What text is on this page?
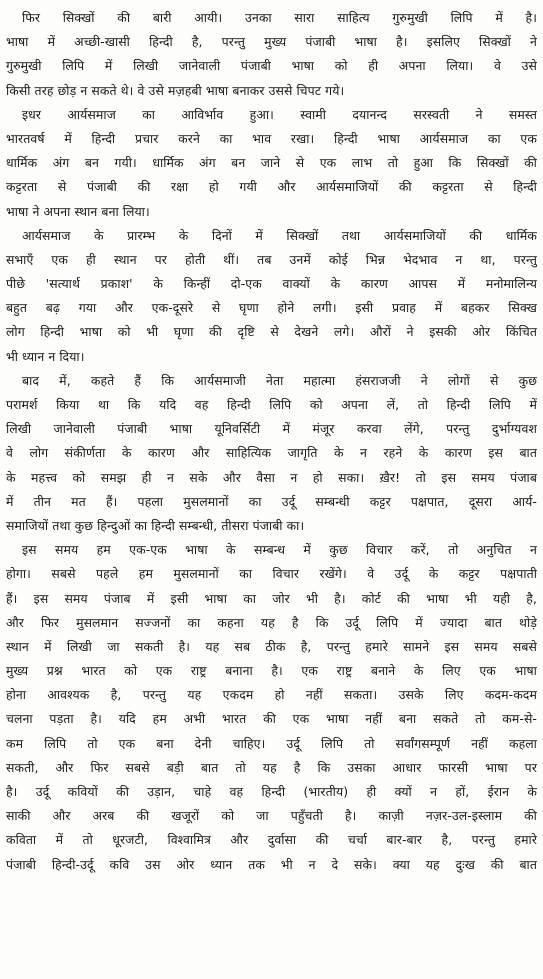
फिर सिक्खों की बारी आयी। उनका सारा साहित्य गुरुमुखी लिपि में है।
भाषा में अच्छी-खासी हिन्दी है, परन्तु मुख्य पंजाबी भाषा है। इसलिए सिक्खों ने
गुरुमुखी लिपि में लिखी जानेवाली पंजाबी भाषा को ही अपना लिया। वे उसे
किसी तरह छोड़ न सकते थे। वे उसे मज़हबी भाषा बनाकर उससे चिपट गये।
इधर आर्यसमाज का आविर्भाव हुआ। स्वामी दयानन्द सरस्वती ने समस्त
भारतवर्ष में हिन्दी प्रचार करने का भाव रखा। हिन्दी भाषा आर्यसमाज का एक
धार्मिक अंग बन गयी। धार्मिक अंग बन जाने से एक लाभ तो हुआ कि सिक्खों की
कट्टरता से पंजाबी की रक्षा हो गयी और आर्यसमाजियों की कट्टरता से हिन्दी
भाषा ने अपना स्थान बना लिया।
आर्यसमाज के प्रारम्भ के दिनों में सिक्खों तथा आर्यसमाजियों की धार्मिक
सभाएँ एक ही स्थान पर होती थीं। तब उनमें कोई भिन्न भेदभाव न था, परन्तु
पीछे 'सत्यार्थ प्रकाश' के किन्हीं दो-एक वाक्यों के कारण आपस में मनोमालिन्य
बहुत बढ़ गया और एक-दूसरे से घृणा होने लगी। इसी प्रवाह में बहकर सिक्ख
लोग हिन्दी भाषा को भी घृणा की दृष्टि से देखने लगे। औरों ने इसकी ओर किंचित
भी ध्यान न दिया।
बाद में, कहते हैं कि आर्यसमाजी नेता महात्मा हंसराजजी ने लोगों से कुछ
परामर्श किया था कि यदि वह हिन्दी लिपि को अपना लें, तो हिन्दी लिपि में
लिखी जानेवाली पंजाबी भाषा यूनिवर्सिटी में मंजूर करवा लेंगे, परन्तु दुर्भाग्यवश
वे लोग संकीर्णता के कारण और साहित्यिक जागृति के न रहने के कारण इस बात
के महत्त्व को समझ ही न सके और वैसा न हो सका। ख़ैर! तो इस समय पंजाब
में तीन मत हैं। पहला मुसलमानों का उर्दू सम्बन्धी कट्टर पक्षपात, दूसरा आर्य-
समाजियों तथा कुछ हिन्दुओं का हिन्दी सम्बन्धी, तीसरा पंजाबी का।
इस समय हम एक-एक भाषा के सम्बन्ध में कुछ विचार करें, तो अनुचित न
होगा। सबसे पहले हम मुसलमानों का विचार रखेंगे। वे उर्दू के कट्टर पक्षपाती
हैं। इस समय पंजाब में इसी भाषा का जोर भी है। कोर्ट की भाषा भी यही है,
और फिर मुसलमान सज्जनों का कहना यह है कि उर्दू लिपि में ज्यादा बात थोड़े
स्थान में लिखी जा सकती है। यह सब ठीक है, परन्तु हमारे सामने इस समय सबसे
मुख्य प्रश्न भारत को एक राष्ट्र बनाना है। एक राष्ट्र बनाने के लिए एक भाषा
होना आवश्यक है, परन्तु यह एकदम हो नहीं सकता। उसके लिए कदम-कदम
चलना पड़ता है। यदि हम अभी भारत की एक भाषा नहीं बना सकते तो कम-से-
कम लिपि तो एक बना देनी चाहिए। उर्दू लिपि तो सर्वांगसम्पूर्ण नहीं कहला
सकती, और फिर सबसे बड़ी बात तो यह है कि उसका आधार फारसी भाषा पर
है। उर्दू कवियों की उड़ान, चाहे वह हिन्दी (भारतीय) ही क्यों न हों, ईरान के
साकी और अरब की खजूरों को जा पहुँचती है। काज़ी नज़र-उल-इस्लाम की
कविता में तो धूरजटी, विश्वामित्र और दुर्वासा की चर्चा बार-बार है, परन्तु हमारे
पंजाबी हिन्दी-उर्दू कवि उस ओर ध्यान तक भी न दे सके। क्या यह दुःख की बात
